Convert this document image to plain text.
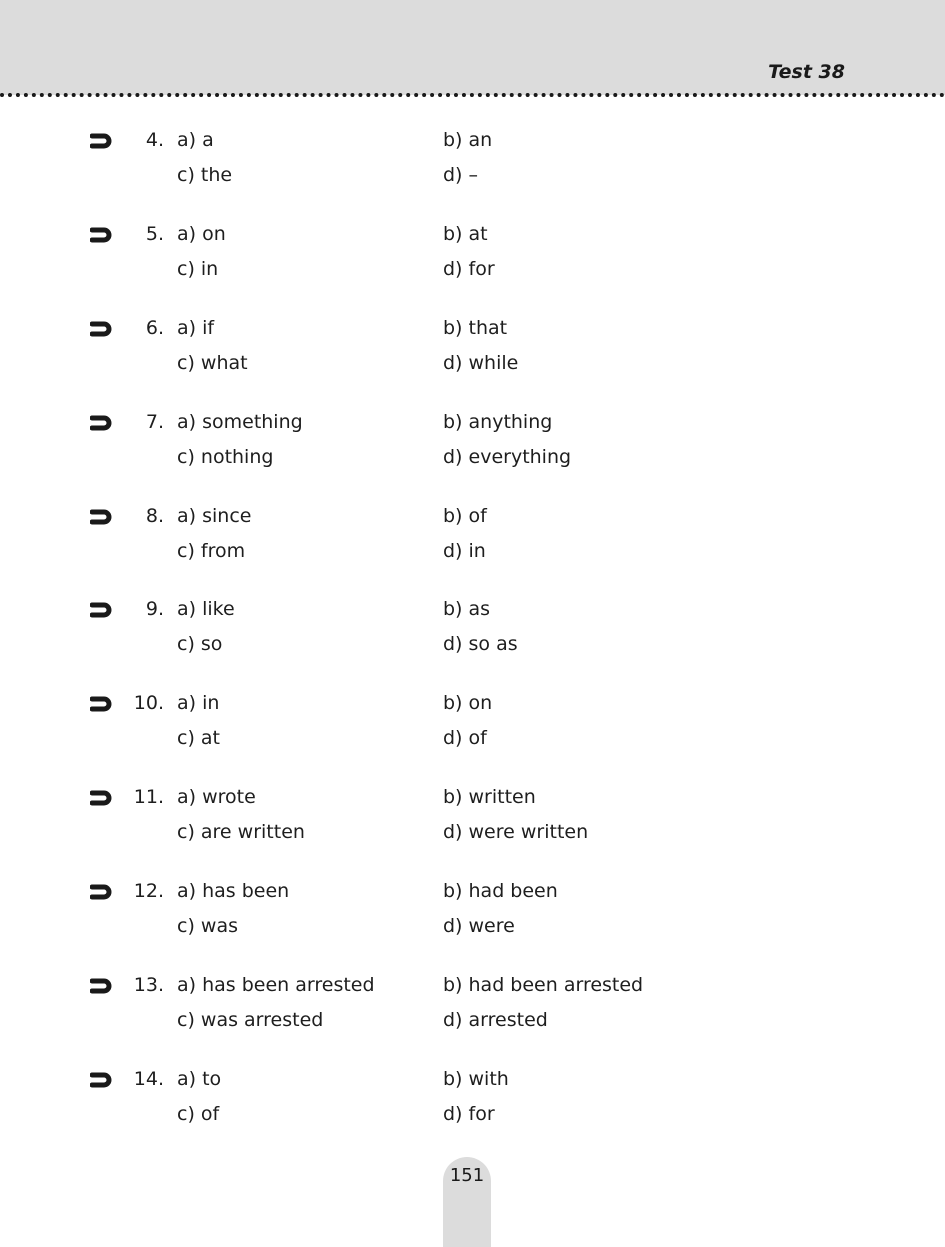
Test 38
4. a) a	b) an
c) the	d) –
5. a) on	b) at
c) in	d) for
6. a) if	b) that
c) what	d) while
7. a) something	b) anything
c) nothing	d) everything
8. a) since	b) of
c) from	d) in
9. a) like	b) as
c) so	d) so as
10. a) in	b) on
c) at	d) of
11. a) wrote	b) written
c) are written	d) were written
12. a) has been	b) had been
c) was	d) were
13. a) has been arrested	b) had been arrested
c) was arrested	d) arrested
14. a) to	b) with
c) of	d) for
151
